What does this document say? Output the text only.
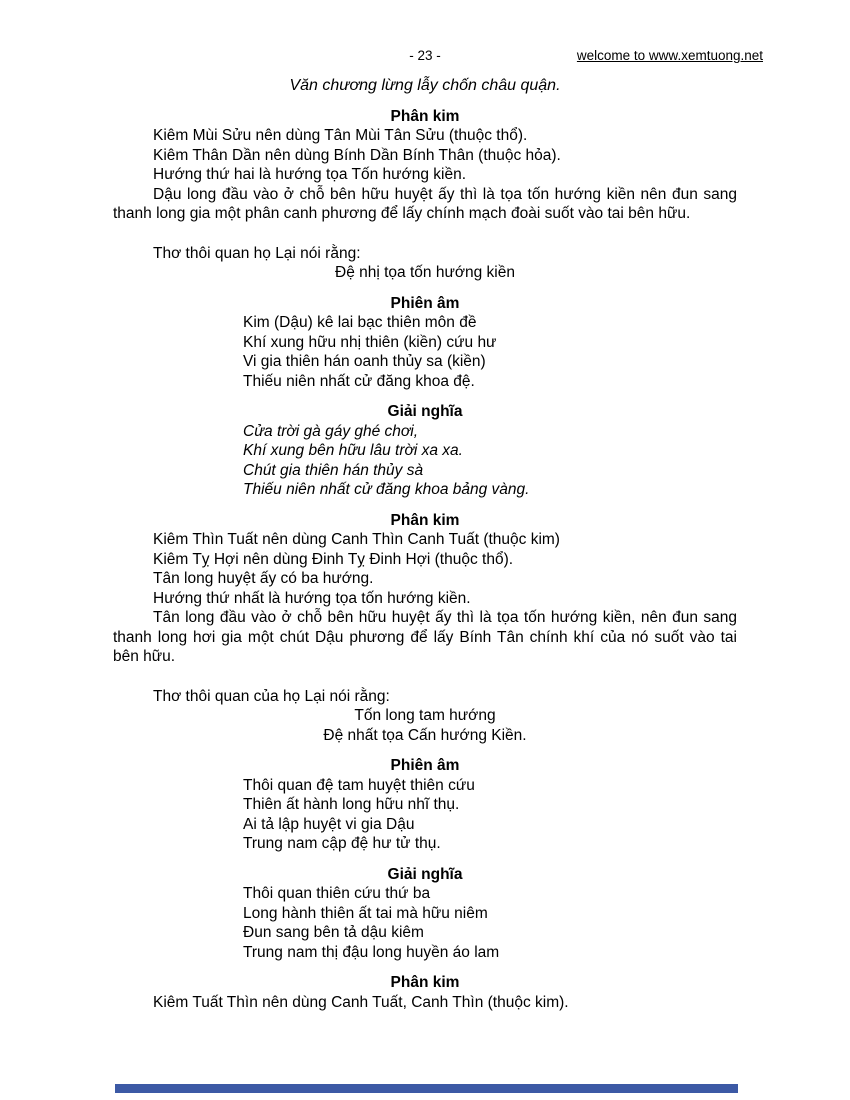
- 23 -	welcome to www.xemtuong.net
Văn chương lừng lẫy chốn châu quận.
Phân kim
Kiêm Mùi Sửu nên dùng Tân Mùi Tân Sửu (thuộc thổ).
Kiêm Thân Dần nên dùng Bính Dần Bính Thân (thuộc hỏa).
Hướng thứ hai là hướng tọa Tốn hướng kiền.
Dậu long đầu vào ở chỗ bên hữu huyệt ấy thì là tọa tốn hướng kiền nên đun sang thanh long gia một phân canh phương để lấy chính mạch đoài suốt vào tai bên hữu.
Thơ thôi quan họ Lại nói rằng:
Đệ nhị tọa tốn hướng kiền
Phiên âm
Kim (Dậu) kê lai bạc thiên môn đề
Khí xung hữu nhị thiên (kiền) cứu hư
Vi gia thiên hán oanh thủy sa (kiền)
Thiếu niên nhất cử đăng khoa đệ.
Giải nghĩa
Cửa trời gà gáy ghé chơi,
Khí xung bên hữu lâu trời xa xa.
Chút gia thiên hán thủy sà
Thiếu niên nhất cử đăng khoa bảng vàng.
Phân kim
Kiêm Thìn Tuất nên dùng Canh Thìn Canh Tuất (thuộc kim)
Kiêm Tỵ Hợi nên dùng Đinh Tỵ Đinh Hợi (thuộc thổ).
Tân long huyệt ấy có ba hướng.
Hướng thứ nhất là hướng tọa tốn hướng kiền.
Tân long đầu vào ở chỗ bên hữu huyệt ấy thì là tọa tốn hướng kiền, nên đun sang thanh long hơi gia một chút Dậu phương để lấy Bính Tân chính khí của nó suốt vào tai bên hữu.
Thơ thôi quan của họ Lại nói rằng:
Tốn long tam hướng
Đệ nhất tọa Cấn hướng Kiền.
Phiên âm
Thôi quan đệ tam huyệt thiên cứu
Thiên ất hành long hữu nhĩ thụ.
Ai tả lập huyệt vi gia Dậu
Trung nam cập đệ hư tử thụ.
Giải nghĩa
Thôi quan thiên cứu thứ ba
Long hành thiên ất tai mà hữu niêm
Đun sang bên tả dậu kiêm
Trung nam thị đậu long huyền áo lam
Phân kim
Kiêm Tuất Thìn nên dùng Canh Tuất, Canh Thìn (thuộc kim).
